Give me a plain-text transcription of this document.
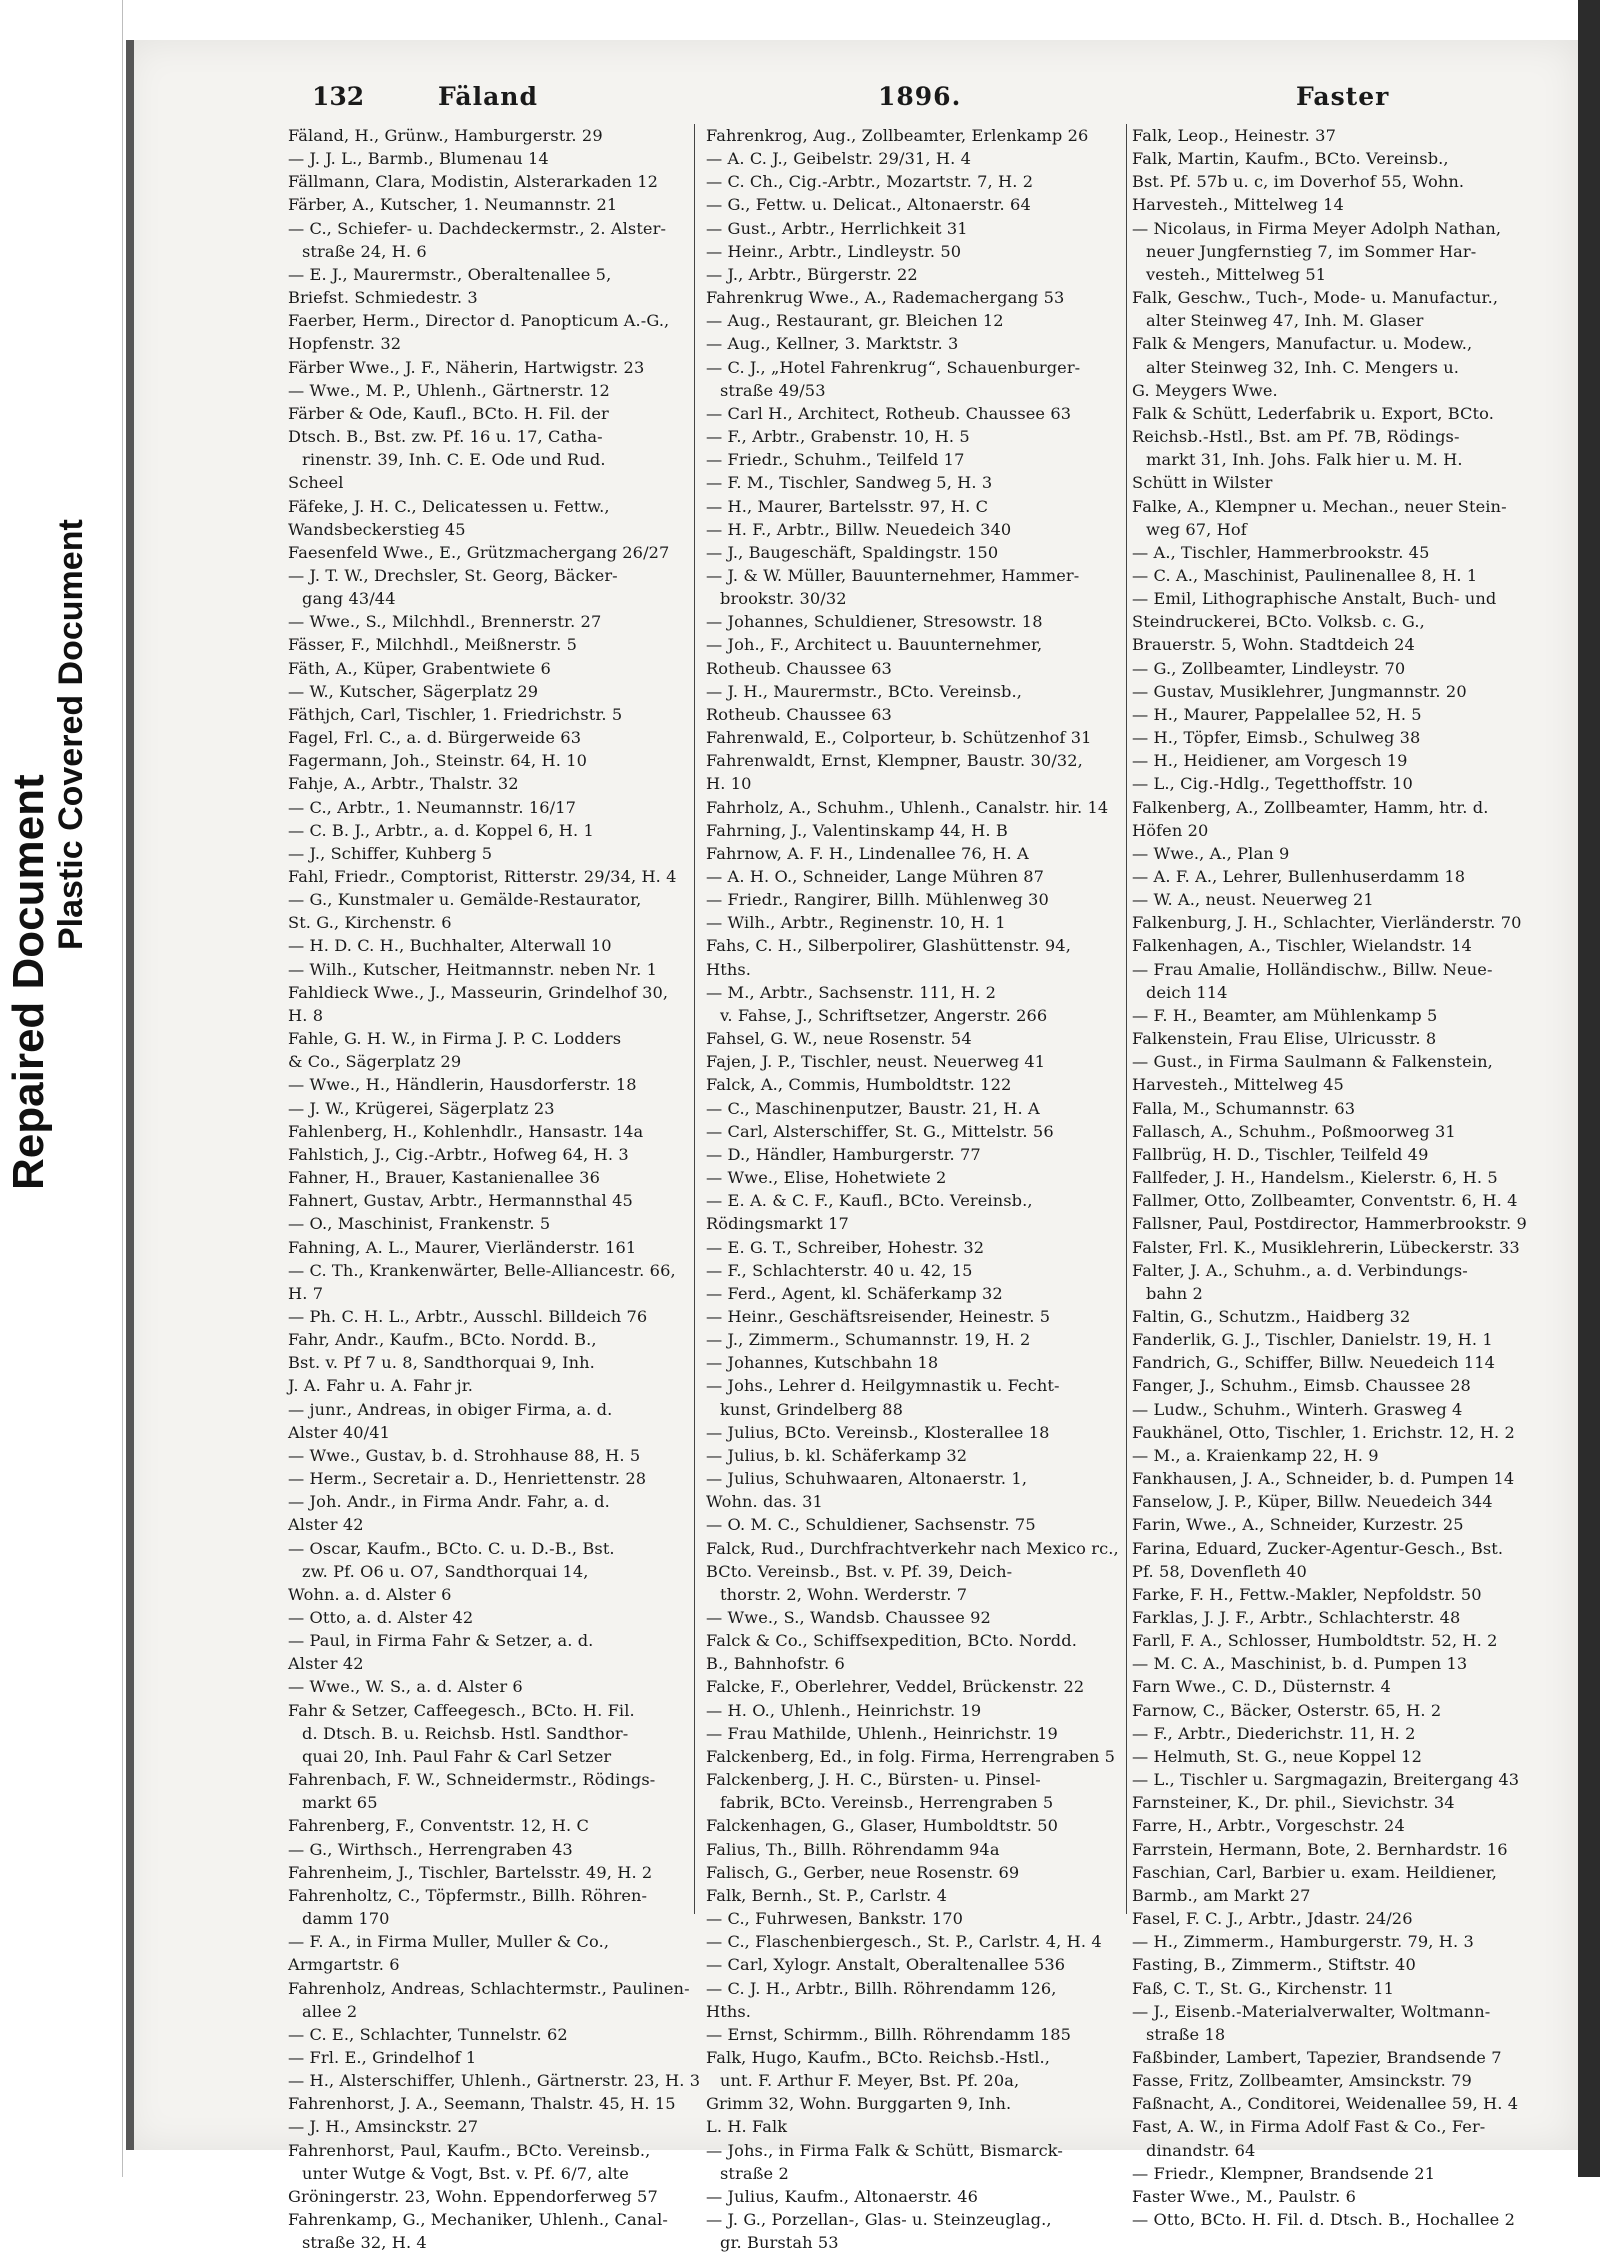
Repaired Document
Plastic Covered Document
132	Fäland	1896.	Faster
Fäland, H., Grünw., Hamburgerstr. 29
— J. J. L., Barmb., Blumenau 14
Fällmann, Clara, Modistin, Alsterarkaden 12
Färber, A., Kutscher, 1. Neumannstr. 21
— C., Schiefer- u. Dachdeckermstr., 2. Alster-
straße 24, H. 6
— E. J., Maurermstr., Oberaltenallee 5,
Briefst. Schmiedestr. 3
Faerber, Herm., Director d. Panopticum A.-G.,
Hopfenstr. 32
Färber Wwe., J. F., Näherin, Hartwigstr. 23
— Wwe., M. P., Uhlenh., Gärtnerstr. 12
Färber & Ode, Kaufl., BCto. H. Fil. der
Dtsch. B., Bst. zw. Pf. 16 u. 17, Catha-
rinenstr. 39, Inh. C. E. Ode und Rud.
Scheel
Fäfeke, J. H. C., Delicatessen u. Fettw.,
Wandsbeckerstieg 45
Faesenfeld Wwe., E., Grützmachergang 26/27
— J. T. W., Drechsler, St. Georg, Bäcker-
gang 43/44
— Wwe., S., Milchhdl., Brennerstr. 27
Fässer, F., Milchhdl., Meißnerstr. 5
Fäth, A., Küper, Grabentwiete 6
— W., Kutscher, Sägerplatz 29
Fäthjch, Carl, Tischler, 1. Friedrichstr. 5
Fagel, Frl. C., a. d. Bürgerweide 63
Fagermann, Joh., Steinstr. 64, H. 10
Fahje, A., Arbtr., Thalstr. 32
— C., Arbtr., 1. Neumannstr. 16/17
— C. B. J., Arbtr., a. d. Koppel 6, H. 1
— J., Schiffer, Kuhberg 5
Fahl, Friedr., Comptorist, Ritterstr. 29/34, H. 4
— G., Kunstmaler u. Gemälde-Restaurator,
St. G., Kirchenstr. 6
— H. D. C. H., Buchhalter, Alterwall 10
— Wilh., Kutscher, Heitmannstr. neben Nr. 1
Fahldieck Wwe., J., Masseurin, Grindelhof 30,
H. 8
Fahle, G. H. W., in Firma J. P. C. Lodders
& Co., Sägerplatz 29
— Wwe., H., Händlerin, Hausdorferstr. 18
— J. W., Krügerei, Sägerplatz 23
Fahlenberg, H., Kohlenhdlr., Hansastr. 14a
Fahlstich, J., Cig.-Arbtr., Hofweg 64, H. 3
Fahner, H., Brauer, Kastanienallee 36
Fahnert, Gustav, Arbtr., Hermannsthal 45
— O., Maschinist, Frankenstr. 5
Fahning, A. L., Maurer, Vierländerstr. 161
— C. Th., Krankenwärter, Belle-Alliancestr. 66,
H. 7
— Ph. C. H. L., Arbtr., Ausschl. Billdeich 76
Fahr, Andr., Kaufm., BCto. Nordd. B.,
Bst. v. Pf 7 u. 8, Sandthorquai 9, Inh.
J. A. Fahr u. A. Fahr jr.
— junr., Andreas, in obiger Firma, a. d.
Alster 40/41
— Wwe., Gustav, b. d. Strohhause 88, H. 5
— Herm., Secretair a. D., Henriettenstr. 28
— Joh. Andr., in Firma Andr. Fahr, a. d.
Alster 42
— Oscar, Kaufm., BCto. C. u. D.-B., Bst.
zw. Pf. O6 u. O7, Sandthorquai 14,
Wohn. a. d. Alster 6
— Otto, a. d. Alster 42
— Paul, in Firma Fahr & Setzer, a. d.
Alster 42
— Wwe., W. S., a. d. Alster 6
Fahr & Setzer, Caffeegesch., BCto. H. Fil.
d. Dtsch. B. u. Reichsb. Hstl. Sandthor-
quai 20, Inh. Paul Fahr & Carl Setzer
Fahrenbach, F. W., Schneidermstr., Rödings-
markt 65
Fahrenberg, F., Conventstr. 12, H. C
— G., Wirthsch., Herrengraben 43
Fahrenheim, J., Tischler, Bartelsstr. 49, H. 2
Fahrenholtz, C., Töpfermstr., Billh. Röhren-
damm 170
— F. A., in Firma Muller, Muller & Co.,
Armgartstr. 6
Fahrenholz, Andreas, Schlachtermstr., Paulinen-
allee 2
— C. E., Schlachter, Tunnelstr. 62
— Frl. E., Grindelhof 1
— H., Alsterschiffer, Uhlenh., Gärtnerstr. 23, H. 3
Fahrenhorst, J. A., Seemann, Thalstr. 45, H. 15
— J. H., Amsinckstr. 27
Fahrenhorst, Paul, Kaufm., BCto. Vereinsb.,
unter Wutge & Vogt, Bst. v. Pf. 6/7, alte
Gröningerstr. 23, Wohn. Eppendorferweg 57
Fahrenkamp, G., Mechaniker, Uhlenh., Canal-
straße 32, H. 4
Fahrenkrog, Aug., Zollbeamter, Erlenkamp 26
— A. C. J., Geibelstr. 29/31, H. 4
— C. Ch., Cig.-Arbtr., Mozartstr. 7, H. 2
— G., Fettw. u. Delicat., Altonaerstr. 64
— Gust., Arbtr., Herrlichkeit 31
— Heinr., Arbtr., Lindleystr. 50
— J., Arbtr., Bürgerstr. 22
Fahrenkrug Wwe., A., Rademachergang 53
— Aug., Restaurant, gr. Bleichen 12
— Aug., Kellner, 3. Marktstr. 3
— C. J., „Hotel Fahrenkrug“, Schauenburger-
straße 49/53
— Carl H., Architect, Rotheub. Chaussee 63
— F., Arbtr., Grabenstr. 10, H. 5
— Friedr., Schuhm., Teilfeld 17
— F. M., Tischler, Sandweg 5, H. 3
— H., Maurer, Bartelsstr. 97, H. C
— H. F., Arbtr., Billw. Neuedeich 340
— J., Baugeschäft, Spaldingstr. 150
— J. & W. Müller, Bauunternehmer, Hammer-
brookstr. 30/32
— Johannes, Schuldiener, Stresowstr. 18
— Joh., F., Architect u. Bauunternehmer,
Rotheub. Chaussee 63
— J. H., Maurermstr., BCto. Vereinsb.,
Rotheub. Chaussee 63
Fahrenwald, E., Colporteur, b. Schützenhof 31
Fahrenwaldt, Ernst, Klempner, Baustr. 30/32,
H. 10
Fahrholz, A., Schuhm., Uhlenh., Canalstr. hir. 14
Fahrning, J., Valentinskamp 44, H. B
Fahrnow, A. F. H., Lindenallee 76, H. A
— A. H. O., Schneider, Lange Mühren 87
— Friedr., Rangirer, Billh. Mühlenweg 30
— Wilh., Arbtr., Reginenstr. 10, H. 1
Fahs, C. H., Silberpolirer, Glashüttenstr. 94,
Hths.
— M., Arbtr., Sachsenstr. 111, H. 2
v. Fahse, J., Schriftsetzer, Angerstr. 266
Fahsel, G. W., neue Rosenstr. 54
Fajen, J. P., Tischler, neust. Neuerweg 41
Falck, A., Commis, Humboldtstr. 122
— C., Maschinenputzer, Baustr. 21, H. A
— Carl, Alsterschiffer, St. G., Mittelstr. 56
— D., Händler, Hamburgerstr. 77
— Wwe., Elise, Hohetwiete 2
— E. A. & C. F., Kaufl., BCto. Vereinsb.,
Rödingsmarkt 17
— E. G. T., Schreiber, Hohestr. 32
— F., Schlachterstr. 40 u. 42, 15
— Ferd., Agent, kl. Schäferkamp 32
— Heinr., Geschäftsreisender, Heinestr. 5
— J., Zimmerm., Schumannstr. 19, H. 2
— Johannes, Kutschbahn 18
— Johs., Lehrer d. Heilgymnastik u. Fecht-
kunst, Grindelberg 88
— Julius, BCto. Vereinsb., Klosterallee 18
— Julius, b. kl. Schäferkamp 32
— Julius, Schuhwaaren, Altonaerstr. 1,
Wohn. das. 31
— O. M. C., Schuldiener, Sachsenstr. 75
Falck, Rud., Durchfrachtverkehr nach Mexico rc.,
BCto. Vereinsb., Bst. v. Pf. 39, Deich-
thorstr. 2, Wohn. Werderstr. 7
— Wwe., S., Wandsb. Chaussee 92
Falck & Co., Schiffsexpedition, BCto. Nordd.
B., Bahnhofstr. 6
Falcke, F., Oberlehrer, Veddel, Brückenstr. 22
— H. O., Uhlenh., Heinrichstr. 19
— Frau Mathilde, Uhlenh., Heinrichstr. 19
Falckenberg, Ed., in folg. Firma, Herrengraben 5
Falckenberg, J. H. C., Bürsten- u. Pinsel-
fabrik, BCto. Vereinsb., Herrengraben 5
Falckenhagen, G., Glaser, Humboldtstr. 50
Falius, Th., Billh. Röhrendamm 94a
Falisch, G., Gerber, neue Rosenstr. 69
Falk, Bernh., St. P., Carlstr. 4
— C., Fuhrwesen, Bankstr. 170
— C., Flaschenbiergesch., St. P., Carlstr. 4, H. 4
— Carl, Xylogr. Anstalt, Oberaltenallee 536
— C. J. H., Arbtr., Billh. Röhrendamm 126,
Hths.
— Ernst, Schirmm., Billh. Röhrendamm 185
Falk, Hugo, Kaufm., BCto. Reichsb.-Hstl.,
unt. F. Arthur F. Meyer, Bst. Pf. 20a,
Grimm 32, Wohn. Burggarten 9, Inh.
L. H. Falk
— Johs., in Firma Falk & Schütt, Bismarck-
straße 2
— Julius, Kaufm., Altonaerstr. 46
— J. G., Porzellan-, Glas- u. Steinzeuglag.,
gr. Burstah 53
Falk, Leop., Heinestr. 37
Falk, Martin, Kaufm., BCto. Vereinsb.,
Bst. Pf. 57b u. c, im Doverhof 55, Wohn.
Harvesteh., Mittelweg 14
— Nicolaus, in Firma Meyer Adolph Nathan,
neuer Jungfernstieg 7, im Sommer Har-
vesteh., Mittelweg 51
Falk, Geschw., Tuch-, Mode- u. Manufactur.,
alter Steinweg 47, Inh. M. Glaser
Falk & Mengers, Manufactur. u. Modew.,
alter Steinweg 32, Inh. C. Mengers u.
G. Meygers Wwe.
Falk & Schütt, Lederfabrik u. Export, BCto.
Reichsb.-Hstl., Bst. am Pf. 7B, Rödings-
markt 31, Inh. Johs. Falk hier u. M. H.
Schütt in Wilster
Falke, A., Klempner u. Mechan., neuer Stein-
weg 67, Hof
— A., Tischler, Hammerbrookstr. 45
— C. A., Maschinist, Paulinenallee 8, H. 1
— Emil, Lithographische Anstalt, Buch- und
Steindruckerei, BCto. Volksb. c. G.,
Brauerstr. 5, Wohn. Stadtdeich 24
— G., Zollbeamter, Lindleystr. 70
— Gustav, Musiklehrer, Jungmannstr. 20
— H., Maurer, Pappelallee 52, H. 5
— H., Töpfer, Eimsb., Schulweg 38
— H., Heidiener, am Vorgesch 19
— L., Cig.-Hdlg., Tegetthoffstr. 10
Falkenberg, A., Zollbeamter, Hamm, htr. d.
Höfen 20
— Wwe., A., Plan 9
— A. F. A., Lehrer, Bullenhuserdamm 18
— W. A., neust. Neuerweg 21
Falkenburg, J. H., Schlachter, Vierländerstr. 70
Falkenhagen, A., Tischler, Wielandstr. 14
— Frau Amalie, Holländischw., Billw. Neue-
deich 114
— F. H., Beamter, am Mühlenkamp 5
Falkenstein, Frau Elise, Ulricusstr. 8
— Gust., in Firma Saulmann & Falkenstein,
Harvesteh., Mittelweg 45
Falla, M., Schumannstr. 63
Fallasch, A., Schuhm., Poßmoorweg 31
Fallbrüg, H. D., Tischler, Teilfeld 49
Fallfeder, J. H., Handelsm., Kielerstr. 6, H. 5
Fallmer, Otto, Zollbeamter, Conventstr. 6, H. 4
Fallsner, Paul, Postdirector, Hammerbrookstr. 9
Falster, Frl. K., Musiklehrerin, Lübeckerstr. 33
Falter, J. A., Schuhm., a. d. Verbindungs-
bahn 2
Faltin, G., Schutzm., Haidberg 32
Fanderlik, G. J., Tischler, Danielstr. 19, H. 1
Fandrich, G., Schiffer, Billw. Neuedeich 114
Fanger, J., Schuhm., Eimsb. Chaussee 28
— Ludw., Schuhm., Winterh. Grasweg 4
Faukhänel, Otto, Tischler, 1. Erichstr. 12, H. 2
— M., a. Kraienkamp 22, H. 9
Fankhausen, J. A., Schneider, b. d. Pumpen 14
Fanselow, J. P., Küper, Billw. Neuedeich 344
Farin, Wwe., A., Schneider, Kurzestr. 25
Farina, Eduard, Zucker-Agentur-Gesch., Bst.
Pf. 58, Dovenfleth 40
Farke, F. H., Fettw.-Makler, Nepfoldstr. 50
Farklas, J. J. F., Arbtr., Schlachterstr. 48
Farll, F. A., Schlosser, Humboldtstr. 52, H. 2
— M. C. A., Maschinist, b. d. Pumpen 13
Farn Wwe., C. D., Düsternstr. 4
Farnow, C., Bäcker, Osterstr. 65, H. 2
— F., Arbtr., Diederichstr. 11, H. 2
— Helmuth, St. G., neue Koppel 12
— L., Tischler u. Sargmagazin, Breitergang 43
Farnsteiner, K., Dr. phil., Sievichstr. 34
Farre, H., Arbtr., Vorgeschstr. 24
Farrstein, Hermann, Bote, 2. Bernhardstr. 16
Faschian, Carl, Barbier u. exam. Heildiener,
Barmb., am Markt 27
Fasel, F. C. J., Arbtr., Jdastr. 24/26
— H., Zimmerm., Hamburgerstr. 79, H. 3
Fasting, B., Zimmerm., Stiftstr. 40
Faß, C. T., St. G., Kirchenstr. 11
— J., Eisenb.-Materialverwalter, Woltmann-
straße 18
Faßbinder, Lambert, Tapezier, Brandsende 7
Fasse, Fritz, Zollbeamter, Amsinckstr. 79
Faßnacht, A., Conditorei, Weidenallee 59, H. 4
Fast, A. W., in Firma Adolf Fast & Co., Fer-
dinandstr. 64
— Friedr., Klempner, Brandsende 21
Faster Wwe., M., Paulstr. 6
— Otto, BCto. H. Fil. d. Dtsch. B., Hochallee 2
